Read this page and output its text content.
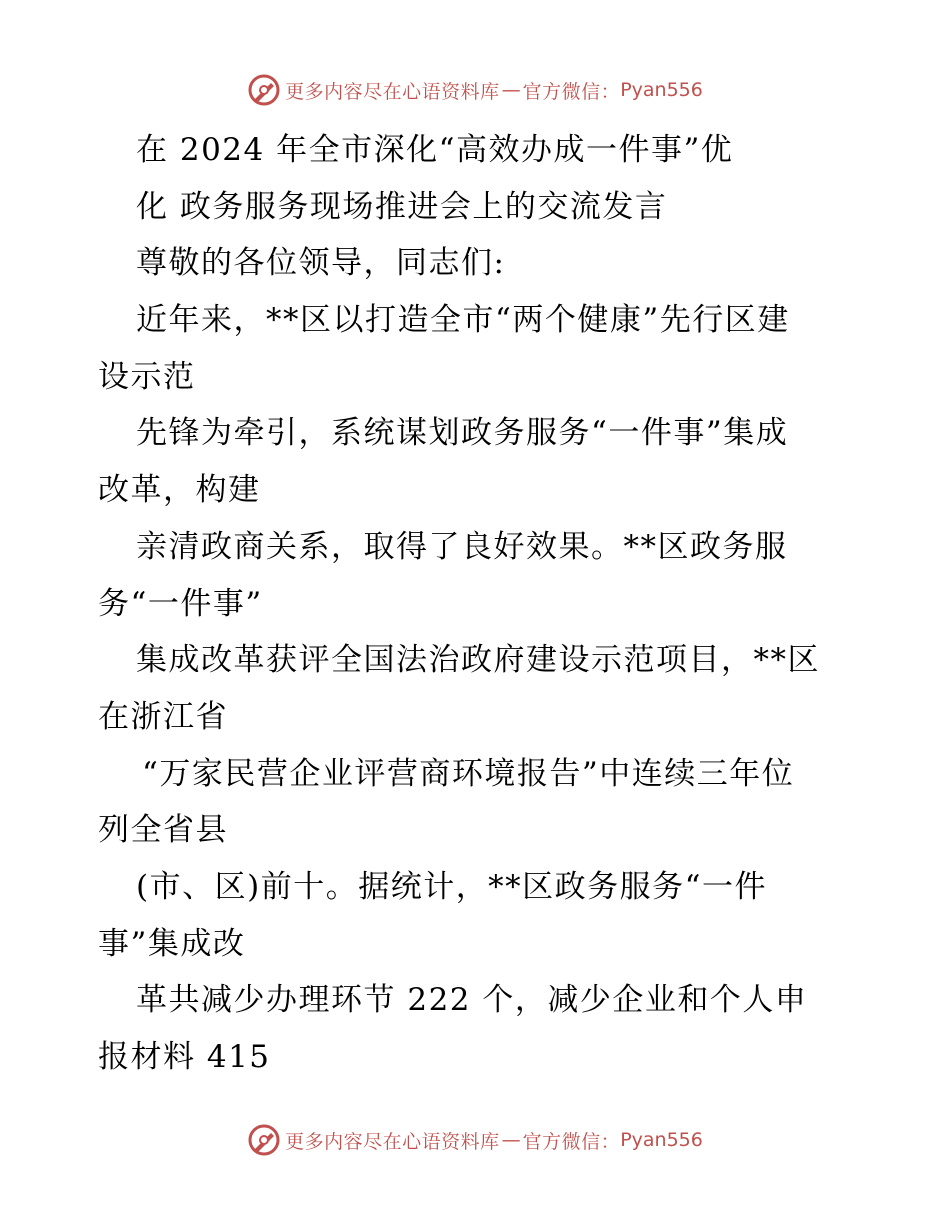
更多内容尽在心语资料库 — 官方微信： Pyan556
在 2024 年全市深化“高效办成一件事”优
化 政务服务现场推进会上的交流发言
尊敬的各位领导，同志们:
近年来，**区以打造全市“两个健康”先行区建
设示范
先锋为牵引，系统谋划政务服务“一件事”集成
改革，构建
亲清政商关系，取得了良好效果。**区政务服
务“一件事”
集成改革获评全国法治政府建设示范项目，**区
在浙江省
“万家民营企业评营商环境报告”中连续三年位
列全省县
(市、区)前十。据统计，**区政务服务“一件
事”集成改
革共减少办理环节 222 个，减少企业和个人申
报材料 415
更多内容尽在心语资料库 — 官方微信： Pyan556
